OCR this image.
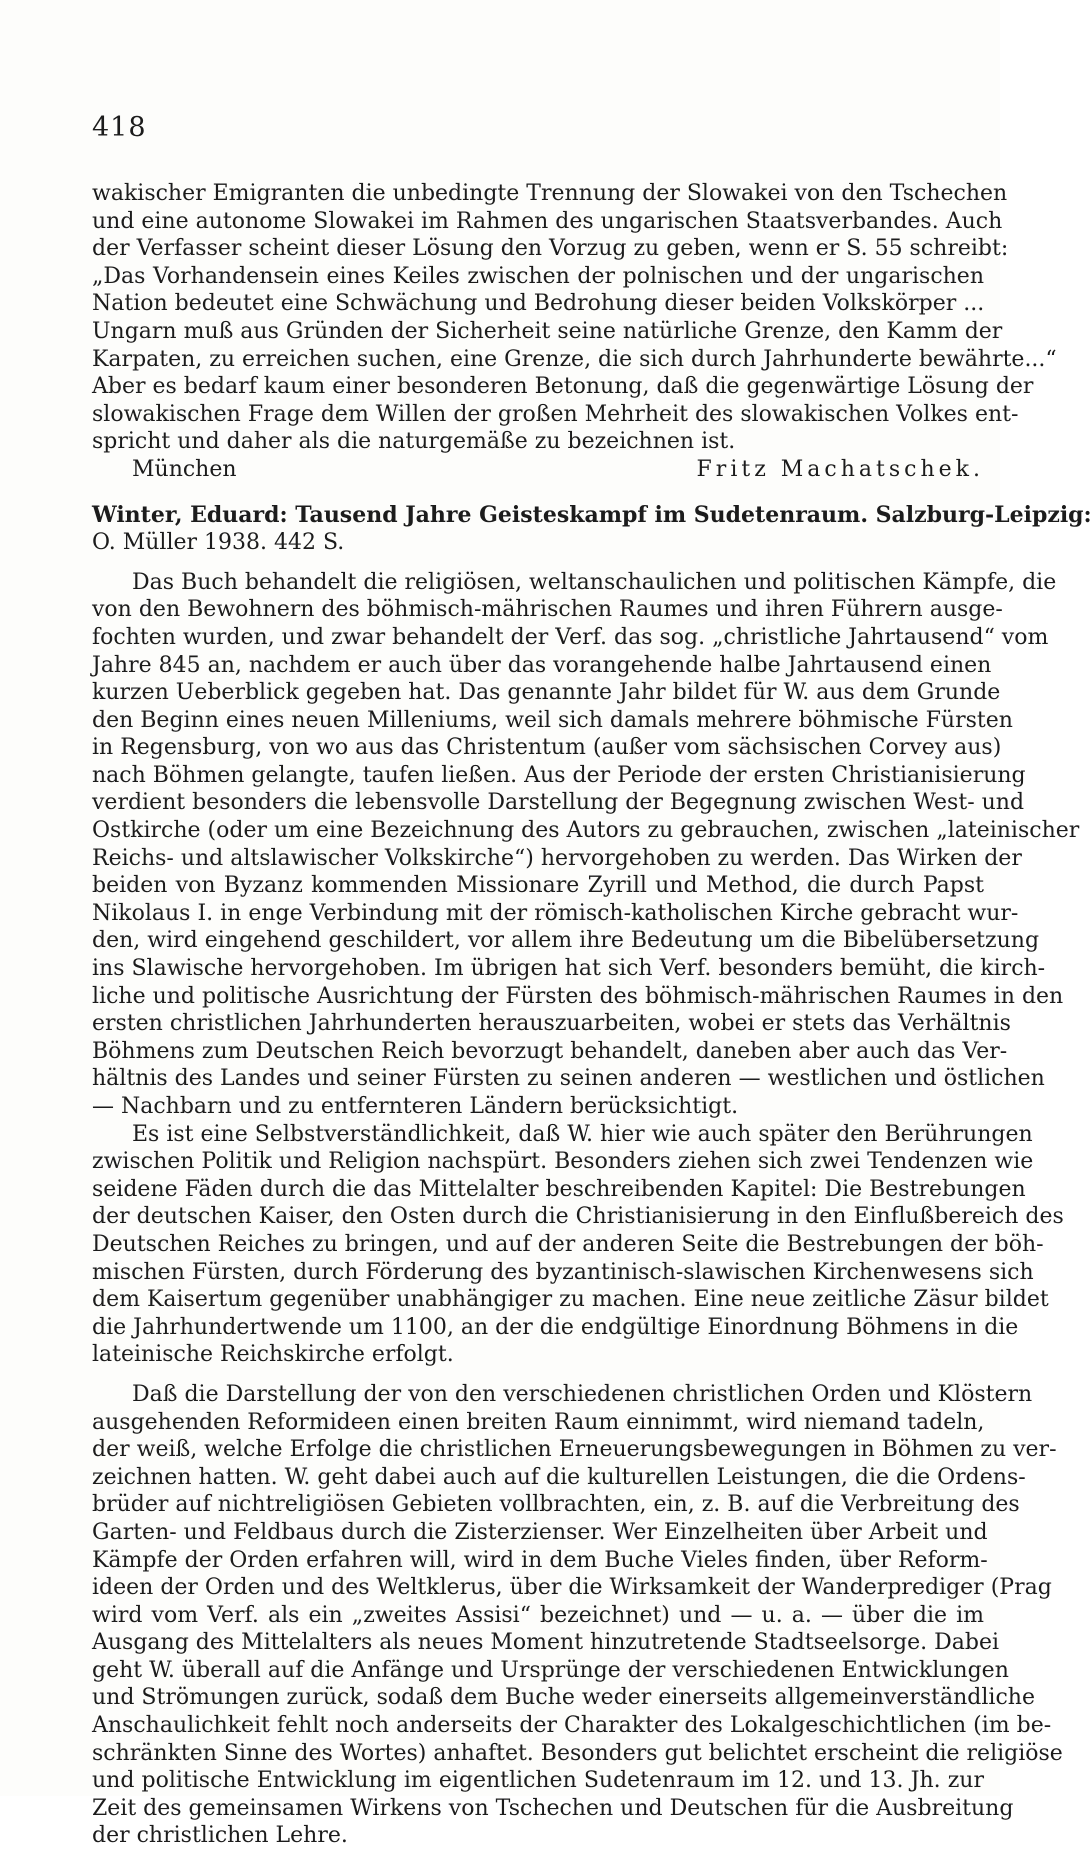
418
wakischer Emigranten die unbedingte Trennung der Slowakei von den Tschechen
und eine autonome Slowakei im Rahmen des ungarischen Staatsverbandes. Auch
der Verfasser scheint dieser Lösung den Vorzug zu geben, wenn er S. 55 schreibt:
„Das Vorhandensein eines Keiles zwischen der polnischen und der ungarischen
Nation bedeutet eine Schwächung und Bedrohung dieser beiden Volkskörper ...
Ungarn muß aus Gründen der Sicherheit seine natürliche Grenze, den Kamm der
Karpaten, zu erreichen suchen, eine Grenze, die sich durch Jahrhunderte bewährte...“
Aber es bedarf kaum einer besonderen Betonung, daß die gegenwärtige Lösung der
slowakischen Frage dem Willen der großen Mehrheit des slowakischen Volkes ent-
spricht und daher als die naturgemäße zu bezeichnen ist.
München	Fritz Machatschek.
Winter, Eduard: Tausend Jahre Geisteskampf im Sudetenraum. Salzburg-Leipzig:
O. Müller 1938. 442 S.
Das Buch behandelt die religiösen, weltanschaulichen und politischen Kämpfe, die
von den Bewohnern des böhmisch-mährischen Raumes und ihren Führern ausge-
fochten wurden, und zwar behandelt der Verf. das sog. „christliche Jahrtausend“ vom
Jahre 845 an, nachdem er auch über das vorangehende halbe Jahrtausend einen
kurzen Ueberblick gegeben hat. Das genannte Jahr bildet für W. aus dem Grunde
den Beginn eines neuen Milleniums, weil sich damals mehrere böhmische Fürsten
in Regensburg, von wo aus das Christentum (außer vom sächsischen Corvey aus)
nach Böhmen gelangte, taufen ließen. Aus der Periode der ersten Christianisierung
verdient besonders die lebensvolle Darstellung der Begegnung zwischen West- und
Ostkirche (oder um eine Bezeichnung des Autors zu gebrauchen, zwischen „lateinischer
Reichs- und altslawischer Volkskirche“) hervorgehoben zu werden. Das Wirken der
beiden von Byzanz kommenden Missionare Zyrill und Method, die durch Papst
Nikolaus I. in enge Verbindung mit der römisch-katholischen Kirche gebracht wur-
den, wird eingehend geschildert, vor allem ihre Bedeutung um die Bibelübersetzung
ins Slawische hervorgehoben. Im übrigen hat sich Verf. besonders bemüht, die kirch-
liche und politische Ausrichtung der Fürsten des böhmisch-mährischen Raumes in den
ersten christlichen Jahrhunderten herauszuarbeiten, wobei er stets das Verhältnis
Böhmens zum Deutschen Reich bevorzugt behandelt, daneben aber auch das Ver-
hältnis des Landes und seiner Fürsten zu seinen anderen — westlichen und östlichen
— Nachbarn und zu entfernteren Ländern berücksichtigt.
Es ist eine Selbstverständlichkeit, daß W. hier wie auch später den Berührungen
zwischen Politik und Religion nachspürt. Besonders ziehen sich zwei Tendenzen wie
seidene Fäden durch die das Mittelalter beschreibenden Kapitel: Die Bestrebungen
der deutschen Kaiser, den Osten durch die Christianisierung in den Einflußbereich des
Deutschen Reiches zu bringen, und auf der anderen Seite die Bestrebungen der böh-
mischen Fürsten, durch Förderung des byzantinisch-slawischen Kirchenwesens sich
dem Kaisertum gegenüber unabhängiger zu machen. Eine neue zeitliche Zäsur bildet
die Jahrhundertwende um 1100, an der die endgültige Einordnung Böhmens in die
lateinische Reichskirche erfolgt.
Daß die Darstellung der von den verschiedenen christlichen Orden und Klöstern
ausgehenden Reformideen einen breiten Raum einnimmt, wird niemand tadeln,
der weiß, welche Erfolge die christlichen Erneuerungsbewegungen in Böhmen zu ver-
zeichnen hatten. W. geht dabei auch auf die kulturellen Leistungen, die die Ordens-
brüder auf nichtreligiösen Gebieten vollbrachten, ein, z. B. auf die Verbreitung des
Garten- und Feldbaus durch die Zisterzienser. Wer Einzelheiten über Arbeit und
Kämpfe der Orden erfahren will, wird in dem Buche Vieles finden, über Reform-
ideen der Orden und des Weltklerus, über die Wirksamkeit der Wanderprediger (Prag
wird vom Verf. als ein „zweites Assisi“ bezeichnet) und — u. a. — über die im
Ausgang des Mittelalters als neues Moment hinzutretende Stadtseelsorge. Dabei
geht W. überall auf die Anfänge und Ursprünge der verschiedenen Entwicklungen
und Strömungen zurück, sodaß dem Buche weder einerseits allgemeinverständliche
Anschaulichkeit fehlt noch anderseits der Charakter des Lokalgeschichtlichen (im be-
schränkten Sinne des Wortes) anhaftet. Besonders gut belichtet erscheint die religiöse
und politische Entwicklung im eigentlichen Sudetenraum im 12. und 13. Jh. zur
Zeit des gemeinsamen Wirkens von Tschechen und Deutschen für die Ausbreitung
der christlichen Lehre.
